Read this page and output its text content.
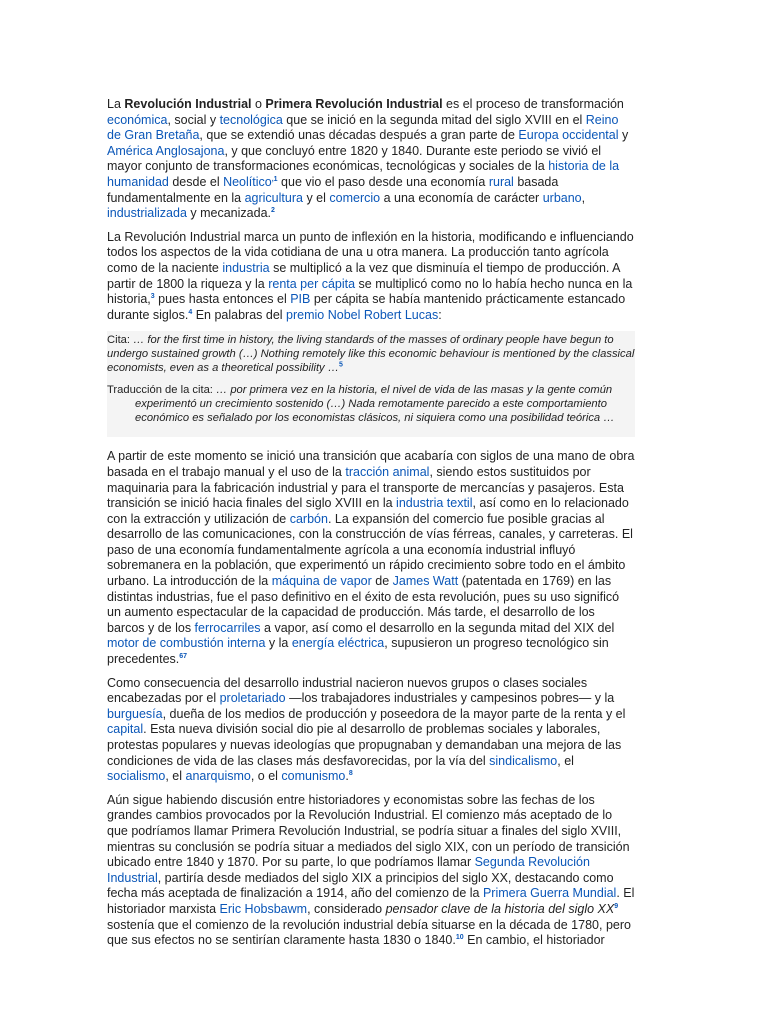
La Revolución Industrial o Primera Revolución Industrial es el proceso de transformación económica, social y tecnológica que se inició en la segunda mitad del siglo XVIII en el Reino de Gran Bretaña, que se extendió unas décadas después a gran parte de Europa occidental y América Anglosajona, y que concluyó entre 1820 y 1840. Durante este periodo se vivió el mayor conjunto de transformaciones económicas, tecnológicas y sociales de la historia de la humanidad desde el Neolítico$^{,1}$ que vio el paso desde una economía rural basada fundamentalmente en la agricultura y el comercio a una economía de carácter urbano, industrializada y mecanizada.$^2$

La Revolución Industrial marca un punto de inflexión en la historia, modificando e influenciando todos los aspectos de la vida cotidiana de una u otra manera. La producción tanto agrícola como de la naciente industria se multiplicó a la vez que disminuía el tiempo de producción. A partir de 1800 la riqueza y la renta per cápita se multiplicó como no lo había hecho nunca en la historia,$^3$ pues hasta entonces el PIB per cápita se había mantenido prácticamente estancado durante siglos.$^4$ En palabras del premio Nobel Robert Lucas:

Cita: … for the first time in history, the living standards of the masses of ordinary people have begun to undergo sustained growth (…) Nothing remotely like this economic behaviour is mentioned by the classical economists, even as a theoretical possibility …$^5$

Traducción de la cita: … por primera vez en la historia, el nivel de vida de las masas y la gente común
experimentó un crecimiento sostenido (…) Nada remotamente parecido a este comportamiento económico es señalado por los economistas clásicos, ni siquiera como una posibilidad teórica …

A partir de este momento se inició una transición que acabaría con siglos de una mano de obra basada en el trabajo manual y el uso de la tracción animal, siendo estos sustituidos por maquinaria para la fabricación industrial y para el transporte de mercancías y pasajeros. Esta transición se inició hacia finales del siglo XVIII en la industria textil, así como en lo relacionado con la extracción y utilización de carbón. La expansión del comercio fue posible gracias al desarrollo de las comunicaciones, con la construcción de vías férreas, canales, y carreteras. El paso de una economía fundamentalmente agrícola a una economía industrial influyó sobremanera en la población, que experimentó un rápido crecimiento sobre todo en el ámbito urbano. La introducción de la máquina de vapor de James Watt (patentada en 1769) en las distintas industrias, fue el paso definitivo en el éxito de esta revolución, pues su uso significó un aumento espectacular de la capacidad de producción. Más tarde, el desarrollo de los barcos y de los ferrocarriles a vapor, así como el desarrollo en la segunda mitad del XIX del motor de combustión interna y la energía eléctrica, supusieron un progreso tecnológico sin precedentes.$^{67}$

Como consecuencia del desarrollo industrial nacieron nuevos grupos o clases sociales encabezadas por el proletariado —los trabajadores industriales y campesinos pobres— y la burguesía, dueña de los medios de producción y poseedora de la mayor parte de la renta y el capital. Esta nueva división social dio pie al desarrollo de problemas sociales y laborales, protestas populares y nuevas ideologías que propugnaban y demandaban una mejora de las condiciones de vida de las clases más desfavorecidas, por la vía del sindicalismo, el socialismo, el anarquismo, o el comunismo.$^8$

Aún sigue habiendo discusión entre historiadores y economistas sobre las fechas de los grandes cambios provocados por la Revolución Industrial. El comienzo más aceptado de lo que podríamos llamar Primera Revolución Industrial, se podría situar a finales del siglo XVIII, mientras su conclusión se podría situar a mediados del siglo XIX, con un período de transición ubicado entre 1840 y 1870. Por su parte, lo que podríamos llamar Segunda Revolución Industrial, partiría desde mediados del siglo XIX a principios del siglo XX, destacando como fecha más aceptada de finalización a 1914, año del comienzo de la Primera Guerra Mundial. El historiador marxista Eric Hobsbawm, considerado pensador clave de la historia del siglo XX$^9$ sostenía que el comienzo de la revolución industrial debía situarse en la década de 1780, pero que sus efectos no se sentirían claramente hasta 1830 o 1840.10 En cambio, el historiador
